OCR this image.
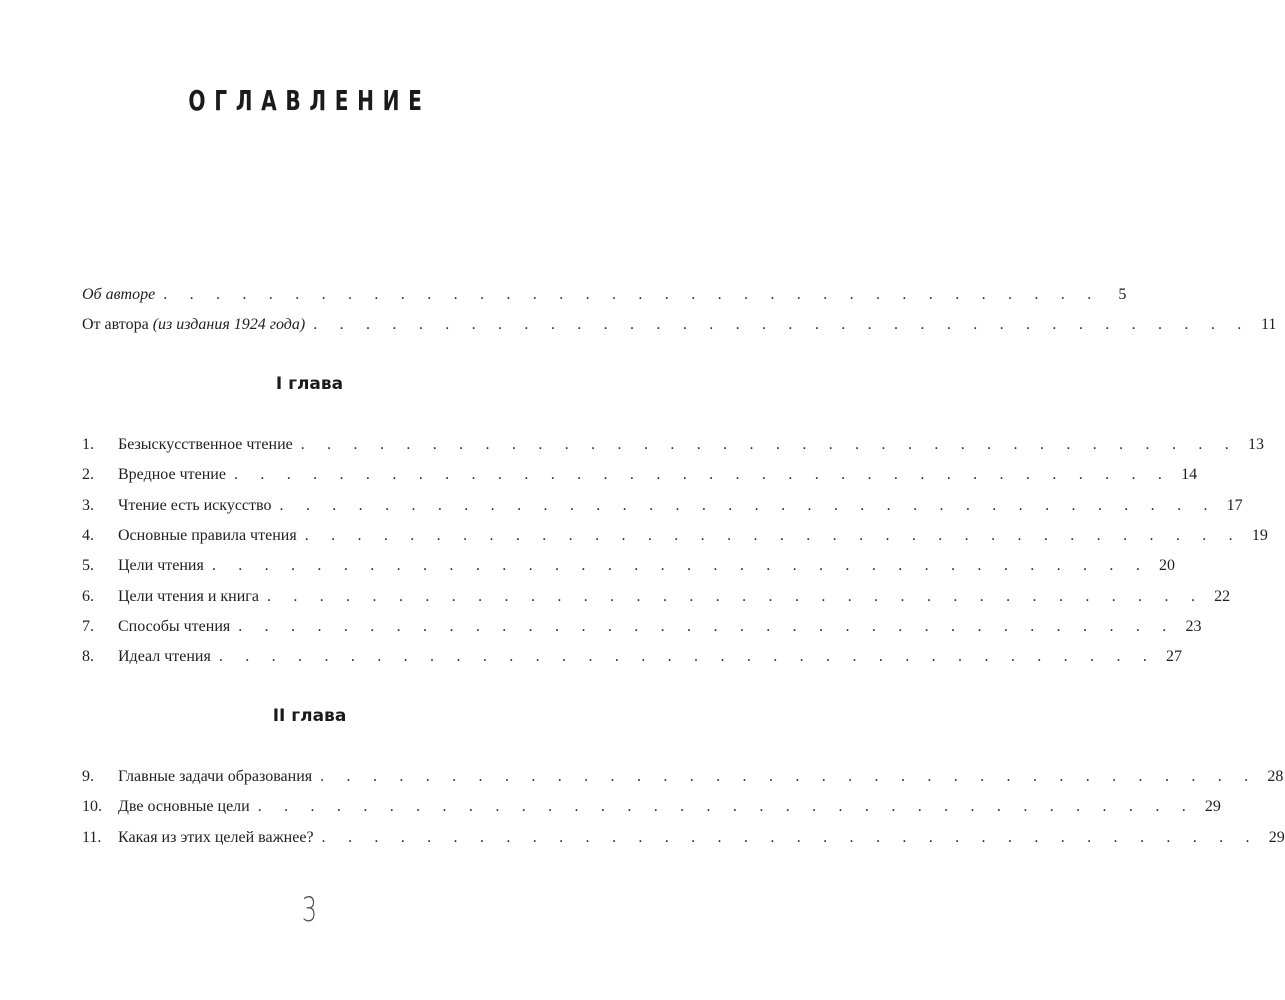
ОГЛАВЛЕНИЕ
Об авторе . . . . . . . . . . . . . . . . . . . . . . . . . . . . . . . . . . . .	5
От автора (из издания 1924 года) . . . . . . . . . . . . . . . . . . . . . . . . . . . . . . . . . . . . 11
I глава
1.	Безыскусственное чтение . . . . . . . . . . . . . . . . . . . . . . . . . . . . . . . . . . . . 13
2.	Вредное чтение . . . . . . . . . . . . . . . . . . . . . . . . . . . . . . . . . . . . 14
3.	Чтение есть искусство . . . . . . . . . . . . . . . . . . . . . . . . . . . . . . . . . . . . 17
4.	Основные правила чтения . . . . . . . . . . . . . . . . . . . . . . . . . . . . . . . . . . . . 19
5.	Цели чтения . . . . . . . . . . . . . . . . . . . . . . . . . . . . . . . . . . . . 20
6.	Цели чтения и книга . . . . . . . . . . . . . . . . . . . . . . . . . . . . . . . . . . . . 22
7.	Способы чтения . . . . . . . . . . . . . . . . . . . . . . . . . . . . . . . . . . . . 23
8.	Идеал чтения . . . . . . . . . . . . . . . . . . . . . . . . . . . . . . . . . . . . 27
II глава
9.	Главные задачи образования . . . . . . . . . . . . . . . . . . . . . . . . . . . . . . . . . . . . 28
10.	Две основные цели . . . . . . . . . . . . . . . . . . . . . . . . . . . . . . . . . . . . 29
11.	Какая из этих целей важнее? . . . . . . . . . . . . . . . . . . . . . . . . . . . . . . . . . . . . 29
3
